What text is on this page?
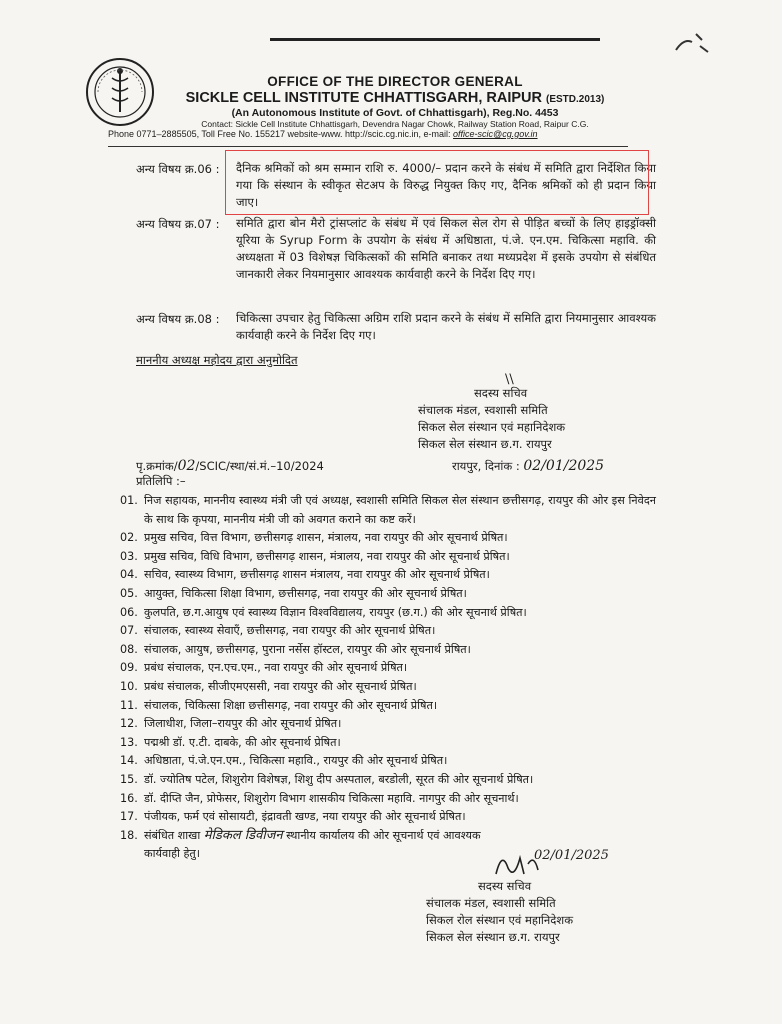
OFFICE OF THE DIRECTOR GENERAL
SICKLE CELL INSTITUTE CHHATTISGARH, RAIPUR (ESTD.2013)
(An Autonomous Institute of Govt. of Chhattisgarh), Reg.No. 4453
Contact: Sickle Cell Institute Chhattisgarh, Devendra Nagar Chowk, Railway Station Road, Raipur C.G.
Phone 0771–2885505, Toll Free No. 155217 website-www. http://scic.cg.nic.in, e-mail: office-scic@cg.gov.in
अन्य विषय क्र.06 : दैनिक श्रमिकों को श्रम सम्मान राशि रु. 4000/– प्रदान करने के संबंध में समिति द्वारा निर्देशित किया गया कि संस्थान के स्वीकृत सेटअप के विरुद्ध नियुक्त किए गए, दैनिक श्रमिकों को ही प्रदान किया जाए।
अन्य विषय क्र.07 : समिति द्वारा बोन मैरो ट्रांसप्लांट के संबंध में एवं सिकल सेल रोग से पीड़ित बच्चों के लिए हाइड्रॉक्सी यूरिया के Syrup Form के उपयोग के संबंध में अधिष्ठाता, पं.जे. एन.एम. चिकित्सा महावि. की अध्यक्षता में 03 विशेषज्ञ चिकित्सकों की समिति बनाकर तथा मध्यप्रदेश में इसके उपयोग से संबंधित जानकारी लेकर नियमानुसार आवश्यक कार्यवाही करने के निर्देश दिए गए।
अन्य विषय क्र.08 : चिकित्सा उपचार हेतु चिकित्सा अग्रिम राशि प्रदान करने के संबंध में समिति द्वारा नियमानुसार आवश्यक कार्यवाही करने के निर्देश दिए गए।
माननीय अध्यक्ष महोदय द्वारा अनुमोदित
\\
सदस्य सचिव
संचालक मंडल, स्वशासी समिति
सिकल सेल संस्थान एवं महानिदेशक
सिकल सेल संस्थान छ.ग. रायपुर
पृ.क्रमांक/02/SCIC/स्था/सं.मं.–10/2024	रायपुर, दिनांक : 02/01/2025
प्रतिलिपि :–
01. निज सहायक, माननीय स्वास्थ्य मंत्री जी एवं अध्यक्ष, स्वशासी समिति सिकल सेल संस्थान छत्तीसगढ़, रायपुर की ओर इस निवेदन के साथ कि कृपया, माननीय मंत्री जी को अवगत कराने का कष्ट करें।
02. प्रमुख सचिव, वित्त विभाग, छत्तीसगढ़ शासन, मंत्रालय, नवा रायपुर की ओर सूचनार्थ प्रेषित।
03. प्रमुख सचिव, विधि विभाग, छत्तीसगढ़ शासन, मंत्रालय, नवा रायपुर की ओर सूचनार्थ प्रेषित।
04. सचिव, स्वास्थ्य विभाग, छत्तीसगढ़ शासन मंत्रालय, नवा रायपुर की ओर सूचनार्थ प्रेषित।
05. आयुक्त, चिकित्सा शिक्षा विभाग, छत्तीसगढ़, नवा रायपुर की ओर सूचनार्थ प्रेषित।
06. कुलपति, छ.ग.आयुष एवं स्वास्थ्य विज्ञान विश्वविद्यालय, रायपुर (छ.ग.) की ओर सूचनार्थ प्रेषित।
07. संचालक, स्वास्थ्य सेवाएँ, छत्तीसगढ़, नवा रायपुर की ओर सूचनार्थ प्रेषित।
08. संचालक, आयुष, छत्तीसगढ़, पुराना नर्सेस हॉस्टल, रायपुर की ओर सूचनार्थ प्रेषित।
09. प्रबंध संचालक, एन.एच.एम., नवा रायपुर की ओर सूचनार्थ प्रेषित।
10. प्रबंध संचालक, सीजीएमएससी, नवा रायपुर की ओर सूचनार्थ प्रेषित।
11. संचालक, चिकित्सा शिक्षा छत्तीसगढ़, नवा रायपुर की ओर सूचनार्थ प्रेषित।
12. जिलाधीश, जिला–रायपुर की ओर सूचनार्थ प्रेषित।
13. पद्मश्री डॉ. ए.टी. दाबके, की ओर सूचनार्थ प्रेषित।
14. अधिष्ठाता, पं.जे.एन.एम., चिकित्सा महावि., रायपुर की ओर सूचनार्थ प्रेषित।
15. डॉ. ज्योतिष पटेल, शिशुरोग विशेषज्ञ, शिशु दीप अस्पताल, बरडोली, सूरत की ओर सूचनार्थ प्रेषित।
16. डॉ. दीप्ति जैन, प्रोफेसर, शिशुरोग विभाग शासकीय चिकित्सा महावि. नागपुर की ओर सूचनार्थ।
17. पंजीयक, फर्म एवं सोसायटी, इंद्रावती खण्ड, नया रायपुर की ओर सूचनार्थ प्रेषित।
18. संबंधित शाखा मेडिकल डिवीजन स्थानीय कार्यालय की ओर सूचनार्थ एवं आवश्यक
कार्यवाही हेतु।	02/01/2025
सदस्य सचिव
संचालक मंडल, स्वशासी समिति
सिकल रोल संस्थान एवं महानिदेशक
सिकल सेल संस्थान छ.ग. रायपुर
